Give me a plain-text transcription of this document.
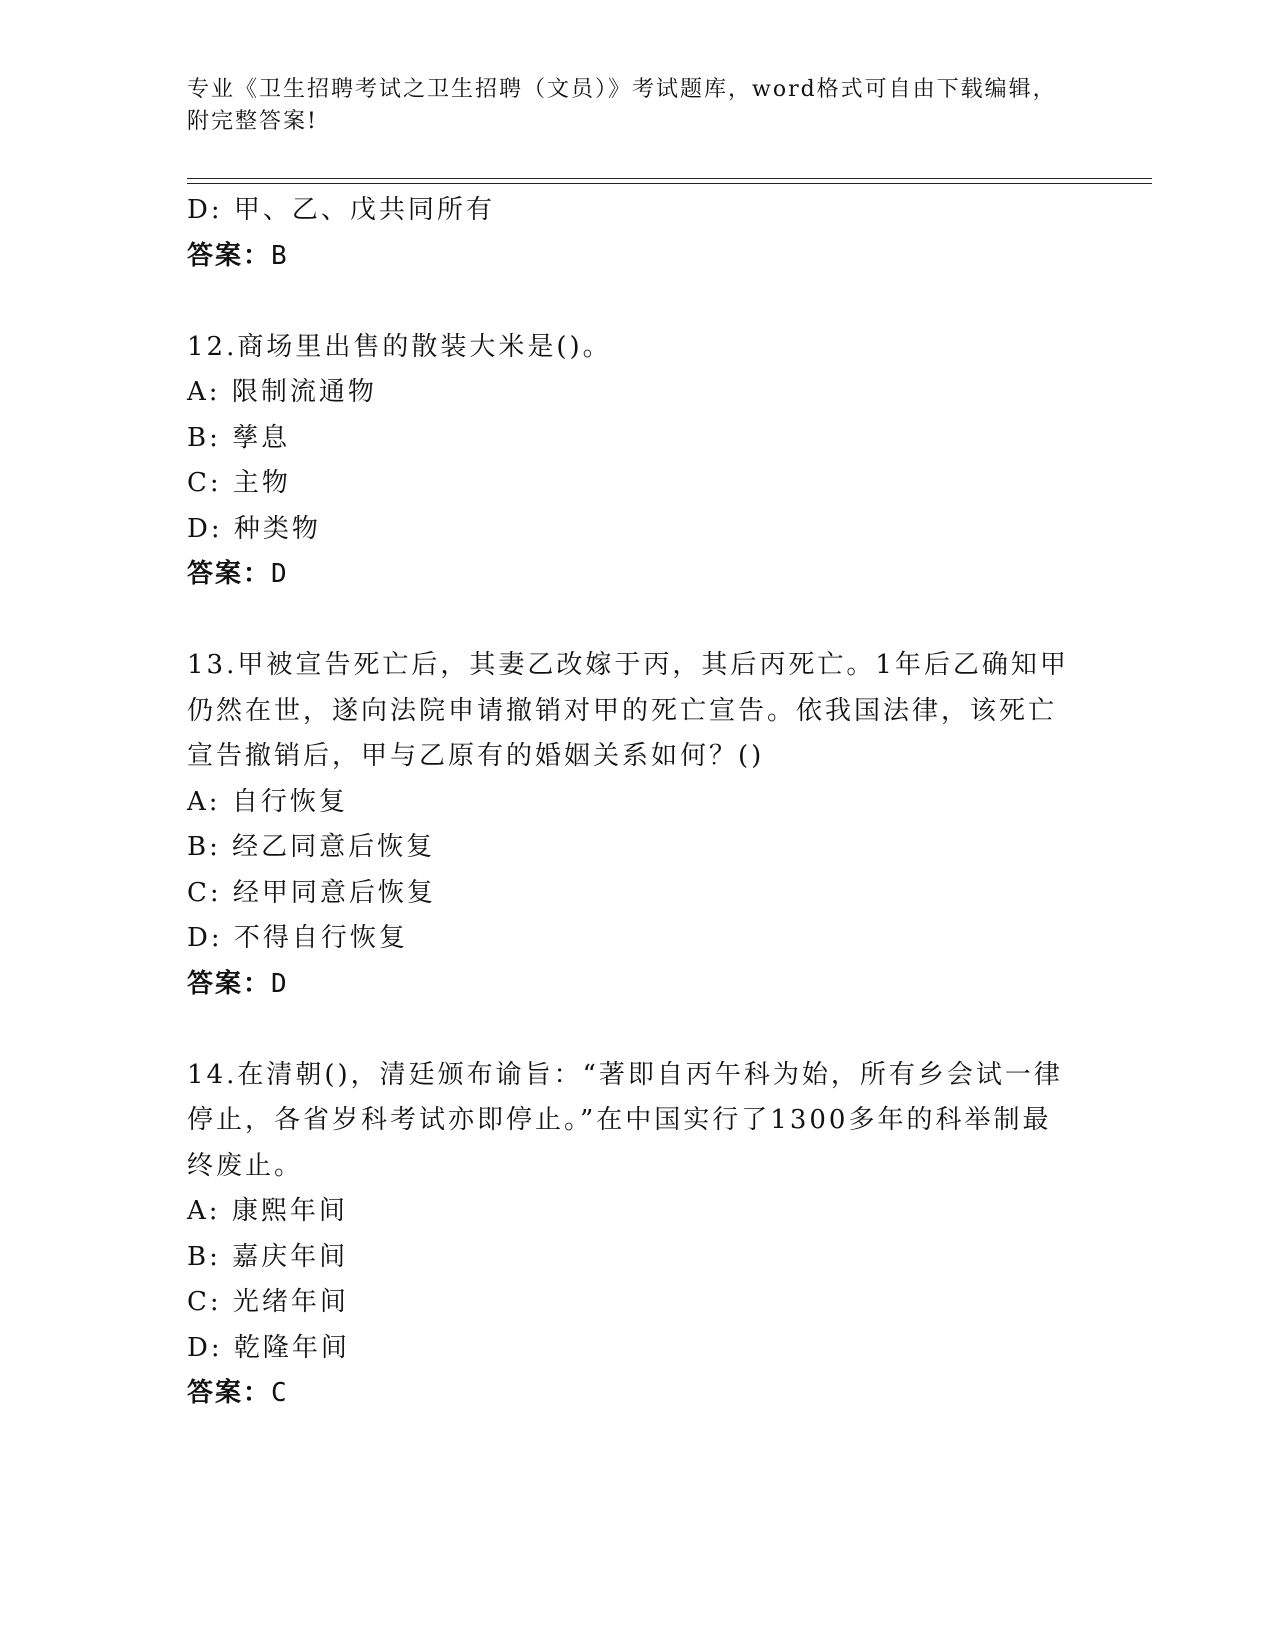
专业《卫生招聘考试之卫生招聘（文员）》考试题库，word格式可自由下载编辑，附完整答案!
D: 甲、乙、戊共同所有
答案：B
12.商场里出售的散装大米是()。
A: 限制流通物
B: 孳息
C: 主物
D: 种类物
答案：D
13.甲被宣告死亡后，其妻乙改嫁于丙，其后丙死亡。1年后乙确知甲仍然在世，遂向法院申请撤销对甲的死亡宣告。依我国法律，该死亡宣告撤销后，甲与乙原有的婚姻关系如何？()
A: 自行恢复
B: 经乙同意后恢复
C: 经甲同意后恢复
D: 不得自行恢复
答案：D
14.在清朝()，清廷颁布谕旨：“著即自丙午科为始，所有乡会试一律停止，各省岁科考试亦即停止。”在中国实行了1300多年的科举制最终废止。
A: 康熙年间
B: 嘉庆年间
C: 光绪年间
D: 乾隆年间
答案：C
